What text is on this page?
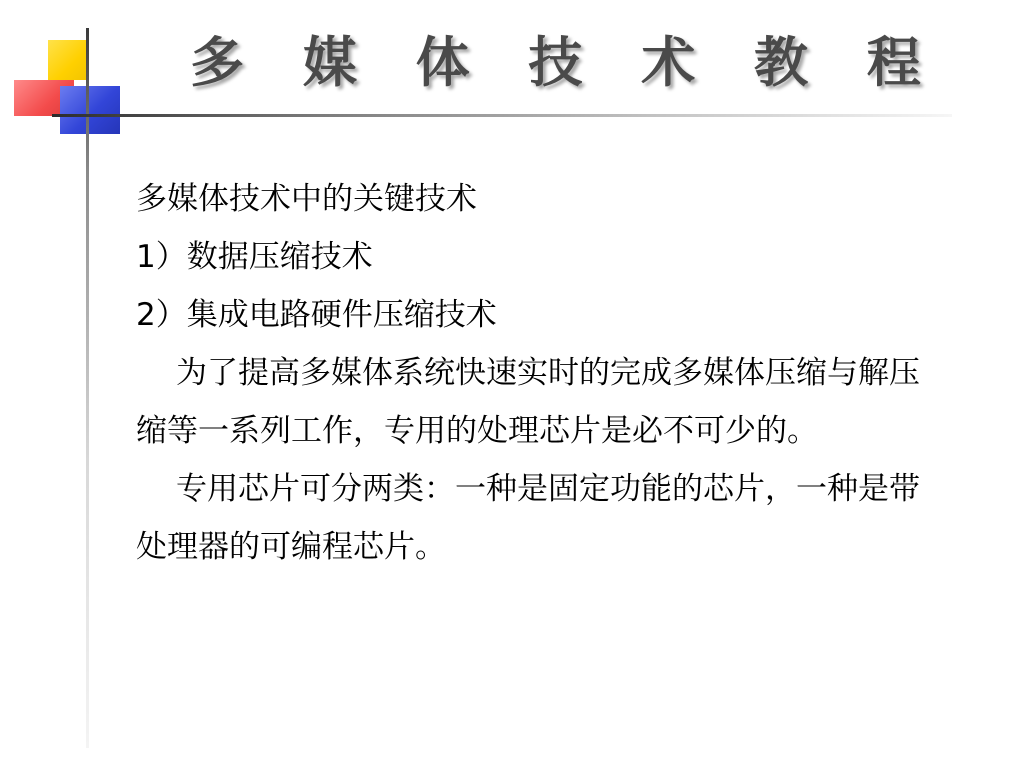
多 媒 体 技 术 教 程
多媒体技术中的关键技术
1）数据压缩技术
2）集成电路硬件压缩技术
为了提高多媒体系统快速实时的完成多媒体压缩与解压缩等一系列工作，专用的处理芯片是必不可少的。
专用芯片可分两类：一种是固定功能的芯片，一种是带处理器的可编程芯片。
